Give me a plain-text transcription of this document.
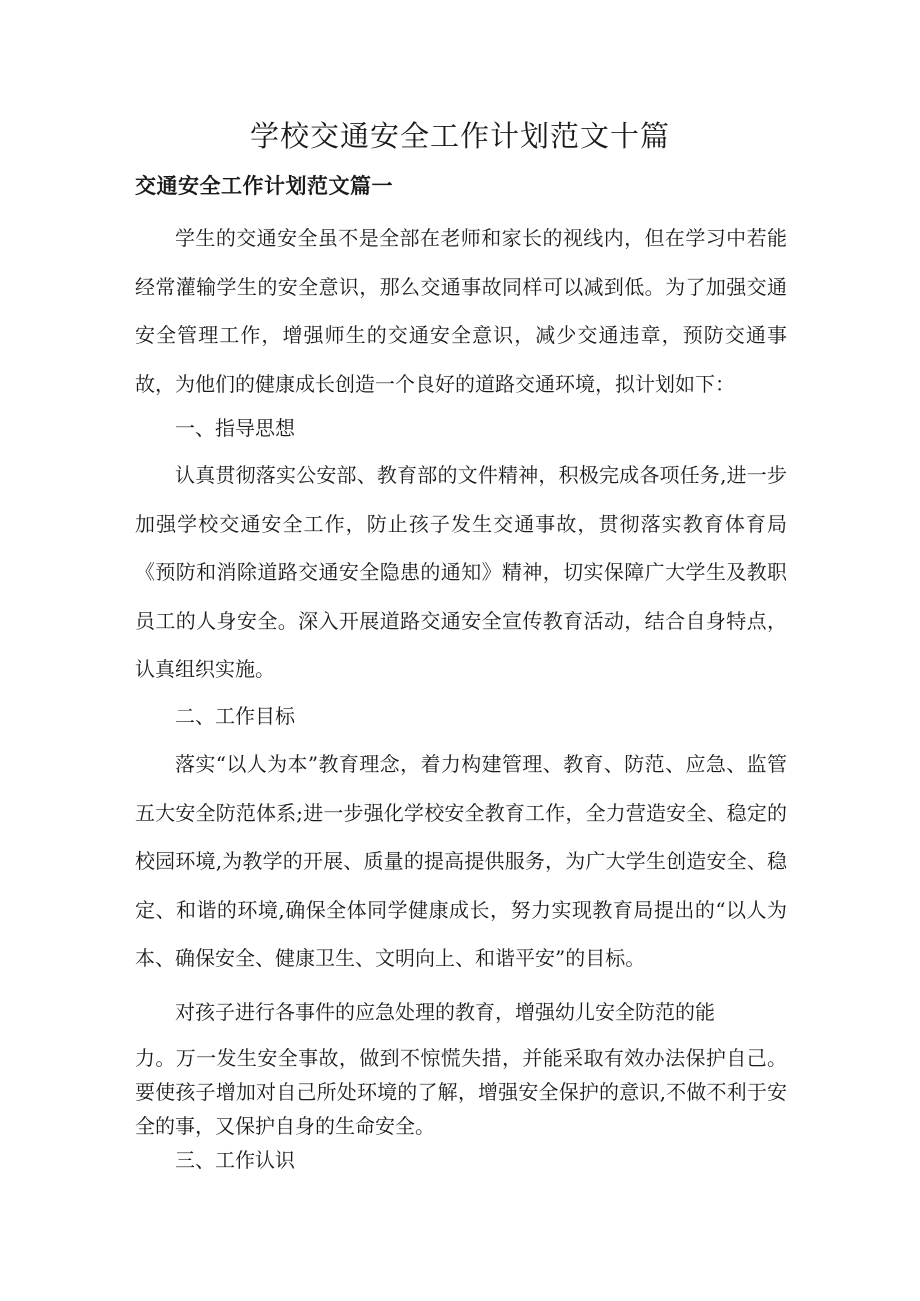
学校交通安全工作计划范文十篇
交通安全工作计划范文篇一

学生的交通安全虽不是全部在老师和家长的视线内，但在学习中若能经常灌输学生的安全意识，那么交通事故同样可以减到低。为了加强交通安全管理工作，增强师生的交通安全意识，减少交通违章，预防交通事故，为他们的健康成长创造一个良好的道路交通环境，拟计划如下：

一、指导思想

认真贯彻落实公安部、教育部的文件精神，积极完成各项任务,进一步加强学校交通安全工作，防止孩子发生交通事故，贯彻落实教育体育局《预防和消除道路交通安全隐患的通知》精神，切实保障广大学生及教职员工的人身安全。深入开展道路交通安全宣传教育活动，结合自身特点，认真组织实施。

二、工作目标

落实“以人为本”教育理念，着力构建管理、教育、防范、应急、监管五大安全防范体系;进一步强化学校安全教育工作，全力营造安全、稳定的校园环境,为教学的开展、质量的提高提供服务，为广大学生创造安全、稳定、和谐的环境,确保全体同学健康成长，努力实现教育局提出的“以人为本、确保安全、健康卫生、文明向上、和谐平安”的目标。

对孩子进行各事件的应急处理的教育，增强幼儿安全防范的能

力。万一发生安全事故，做到不惊慌失措，并能采取有效办法保护自己。要使孩子增加对自己所处环境的了解，增强安全保护的意识,不做不利于安全的事，又保护自身的生命安全。

三、工作认识
